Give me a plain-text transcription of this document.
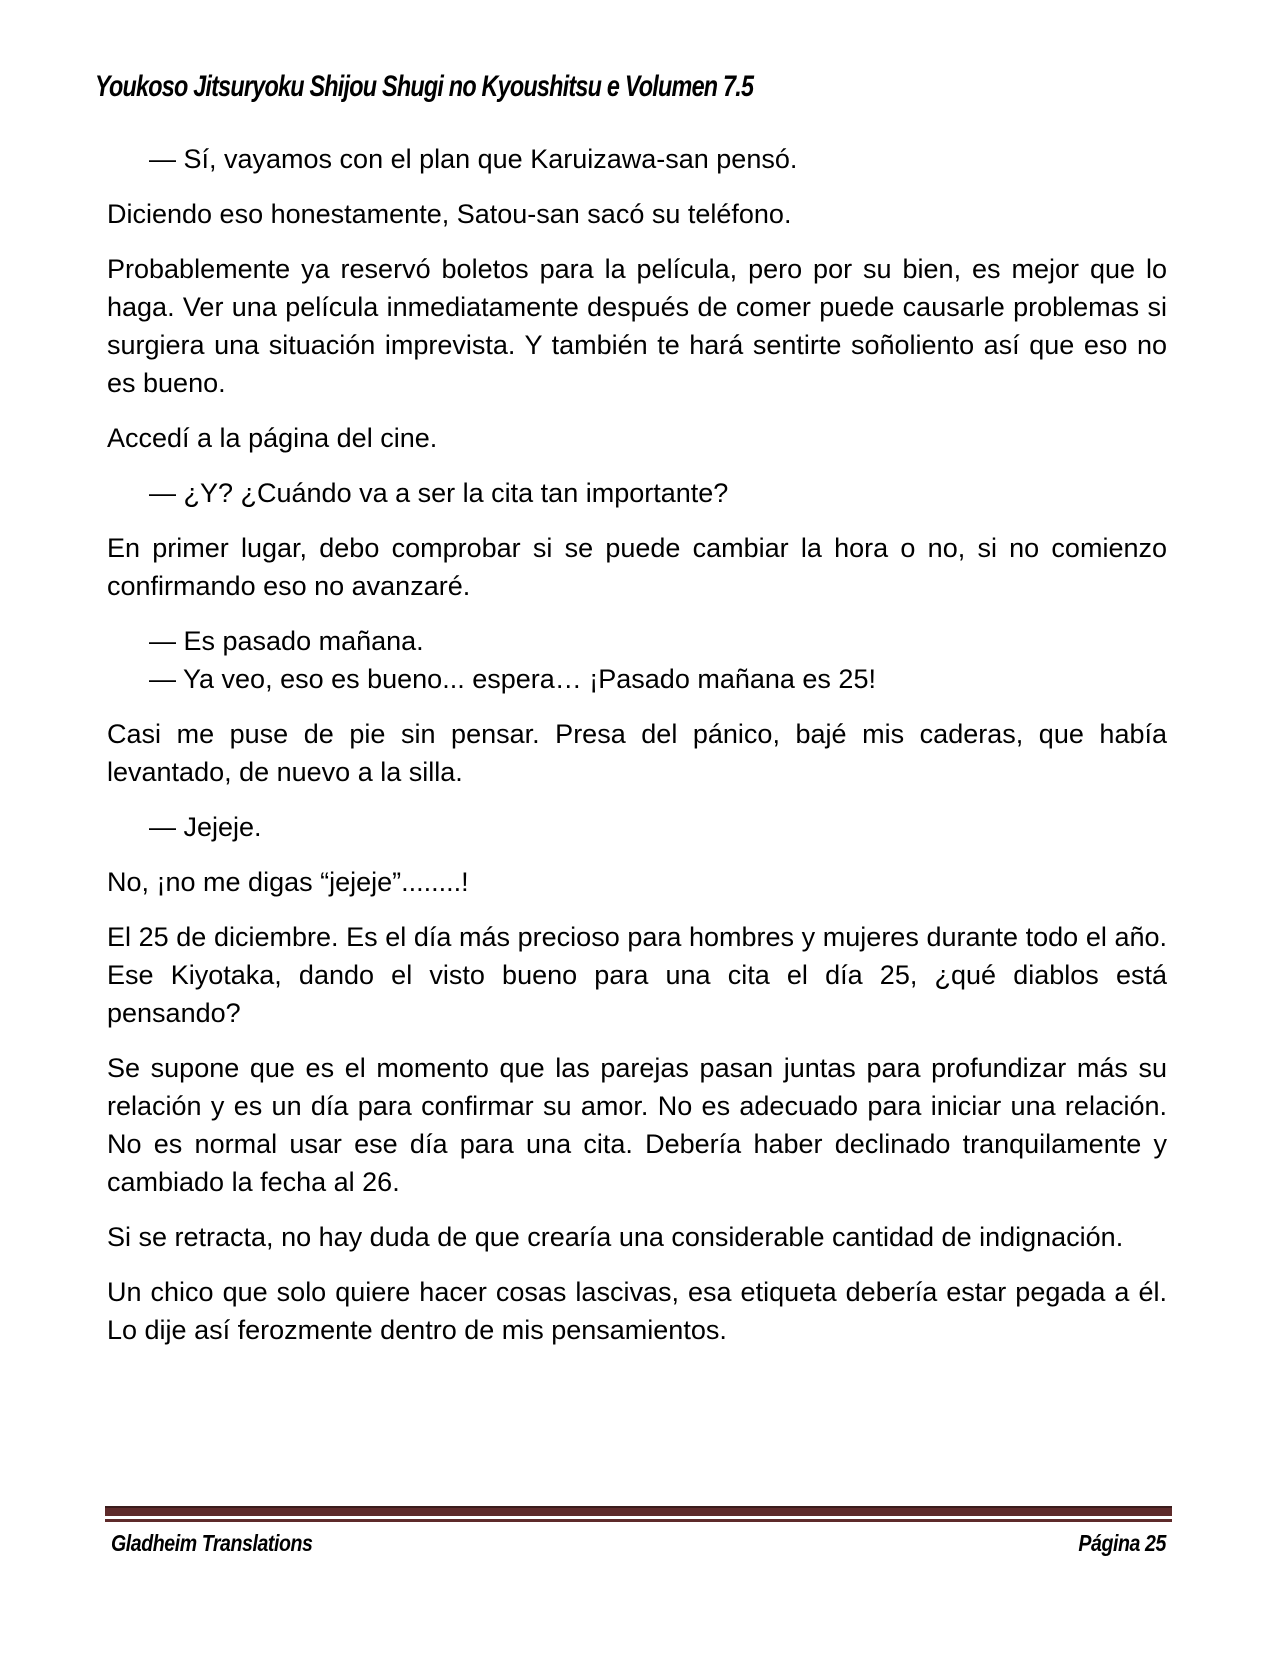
Youkoso Jitsuryoku Shijou Shugi no Kyoushitsu e Volumen 7.5
— Sí, vayamos con el plan que Karuizawa-san pensó.
Diciendo eso honestamente, Satou-san sacó su teléfono.
Probablemente ya reservó boletos para la película, pero por su bien, es mejor que lo haga. Ver una película inmediatamente después de comer puede causarle problemas si surgiera una situación imprevista. Y también te hará sentirte soñoliento así que eso no es bueno.
Accedí a la página del cine.
— ¿Y? ¿Cuándo va a ser la cita tan importante?
En primer lugar, debo comprobar si se puede cambiar la hora o no, si no comienzo confirmando eso no avanzaré.
— Es pasado mañana.
— Ya veo, eso es bueno... espera… ¡Pasado mañana es 25!
Casi me puse de pie sin pensar. Presa del pánico, bajé mis caderas, que había levantado, de nuevo a la silla.
— Jejeje.
No, ¡no me digas “jejeje”........!
El 25 de diciembre. Es el día más precioso para hombres y mujeres durante todo el año. Ese Kiyotaka, dando el visto bueno para una cita el día 25, ¿qué diablos está pensando?
Se supone que es el momento que las parejas pasan juntas para profundizar más su relación y es un día para confirmar su amor. No es adecuado para iniciar una relación. No es normal usar ese día para una cita. Debería haber declinado tranquilamente y cambiado la fecha al 26.
Si se retracta, no hay duda de que crearía una considerable cantidad de indignación.
Un chico que solo quiere hacer cosas lascivas, esa etiqueta debería estar pegada a él. Lo dije así ferozmente dentro de mis pensamientos.
Gladheim Translations	Página 25
